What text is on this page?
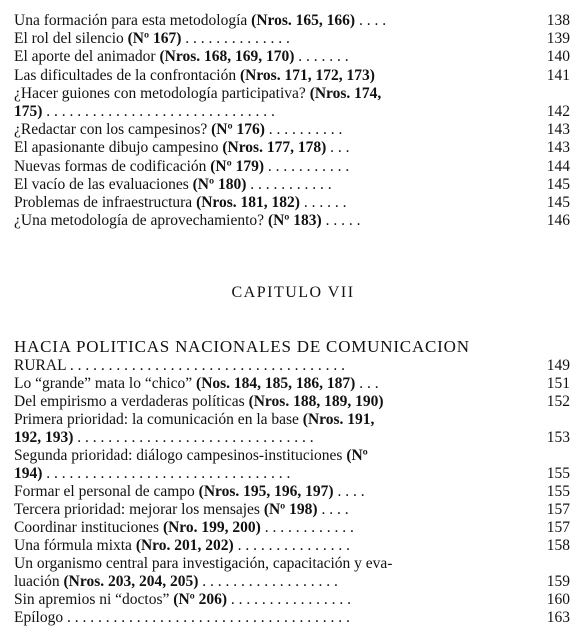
Una formación para esta metodología (Nros. 165, 166) . . . .	138
El rol del silencio (Nº 167) . . . . . . . . . . . . . .	139
El aporte del animador (Nros. 168, 169, 170) . . . . . . .	140
Las dificultades de la confrontación (Nros. 171, 172, 173)	141
¿Hacer guiones con metodología participativa? (Nros. 174,
175) . . . . . . . . . . . . . . . . . . . . . . . . . . . . . .	142
¿Redactar con los campesinos? (Nº 176) . . . . . . . . . .	143
El apasionante dibujo campesino (Nros. 177, 178) . . .	143
Nuevas formas de codificación (Nº 179) . . . . . . . . . . .	144
El vacío de las evaluaciones (Nº 180) . . . . . . . . . . .	145
Problemas de infraestructura (Nros. 181, 182) . . . . . .	145
¿Una metodología de aprovechamiento? (Nº 183) . . . . .	146
CAPITULO VII
HACIA POLITICAS NACIONALES DE COMUNICACION
RURAL . . . . . . . . . . . . . . . . . . . . . . . . . . . . . . . . . . . .	149
Lo “grande” mata lo “chico” (Nos. 184, 185, 186, 187) . . .	151
Del empirismo a verdaderas políticas (Nros. 188, 189, 190)	152
Primera prioridad: la comunicación en la base (Nros. 191,
192, 193) . . . . . . . . . . . . . . . . . . . . . . . . . . . . . . .	153
Segunda prioridad: diálogo campesinos-instituciones (Nº
194) . . . . . . . . . . . . . . . . . . . . . . . . . . . . . . . .	155
Formar el personal de campo (Nros. 195, 196, 197) . . . .	155
Tercera prioridad: mejorar los mensajes (Nº 198) . . . .	157
Coordinar instituciones (Nro. 199, 200) . . . . . . . . . . . .	157
Una fórmula mixta (Nro. 201, 202) . . . . . . . . . . . . . . .	158
Un organismo central para investigación, capacitación y eva-
luación (Nros. 203, 204, 205) . . . . . . . . . . . . . . . . . .	159
Sin apremios ni “doctos” (Nº 206) . . . . . . . . . . . . . . . .	160
Epílogo . . . . . . . . . . . . . . . . . . . . . . . . . . . . . . . . . . . . .	163
